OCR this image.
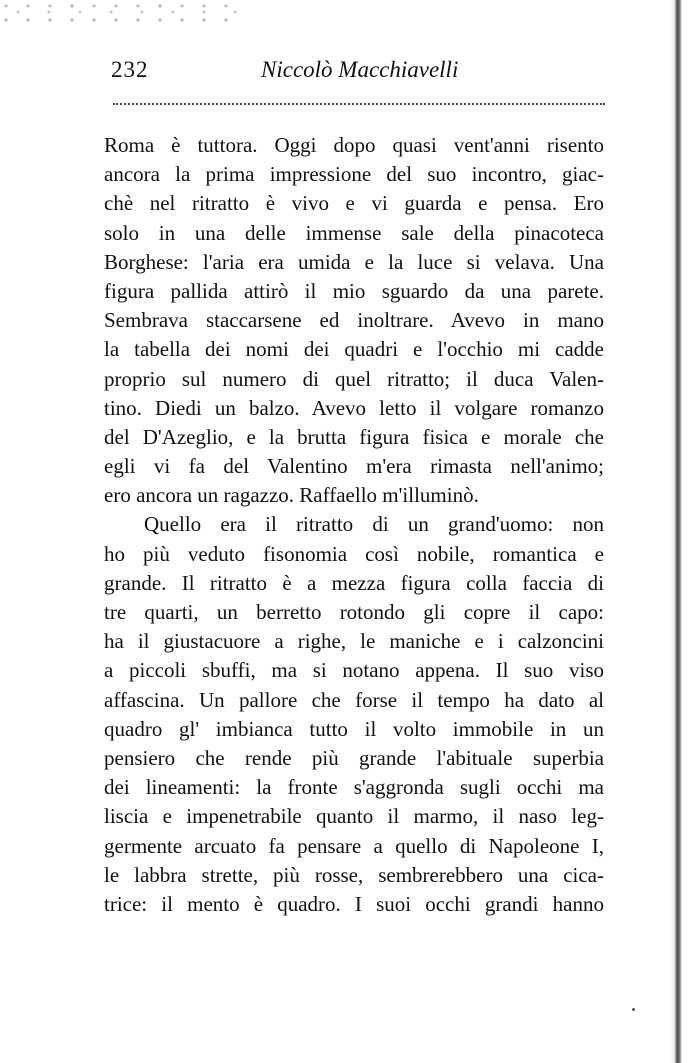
232	Niccolò Macchiavelli
Roma è tuttora. Oggi dopo quasi vent'anni risento
ancora la prima impressione del suo incontro, giac-
chè nel ritratto è vivo e vi guarda e pensa. Ero
solo in una delle immense sale della pinacoteca
Borghese: l'aria era umida e la luce si velava. Una
figura pallida attirò il mio sguardo da una parete.
Sembrava staccarsene ed inoltrare. Avevo in mano
la tabella dei nomi dei quadri e l'occhio mi cadde
proprio sul numero di quel ritratto; il duca Valen-
tino. Diedi un balzo. Avevo letto il volgare romanzo
del D'Azeglio, e la brutta figura fisica e morale che
egli vi fa del Valentino m'era rimasta nell'animo;
ero ancora un ragazzo. Raffaello m'illuminò.
Quello era il ritratto di un grand'uomo: non
ho più veduto fisonomia così nobile, romantica e
grande. Il ritratto è a mezza figura colla faccia di
tre quarti, un berretto rotondo gli copre il capo:
ha il giustacuore a righe, le maniche e i calzoncini
a piccoli sbuffi, ma si notano appena. Il suo viso
affascina. Un pallore che forse il tempo ha dato al
quadro gl' imbianca tutto il volto immobile in un
pensiero che rende più grande l'abituale superbia
dei lineamenti: la fronte s'aggronda sugli occhi ma
liscia e impenetrabile quanto il marmo, il naso leg-
germente arcuato fa pensare a quello di Napoleone I,
le labbra strette, più rosse, sembrerebbero una cica-
trice: il mento è quadro. I suoi occhi grandi hanno
